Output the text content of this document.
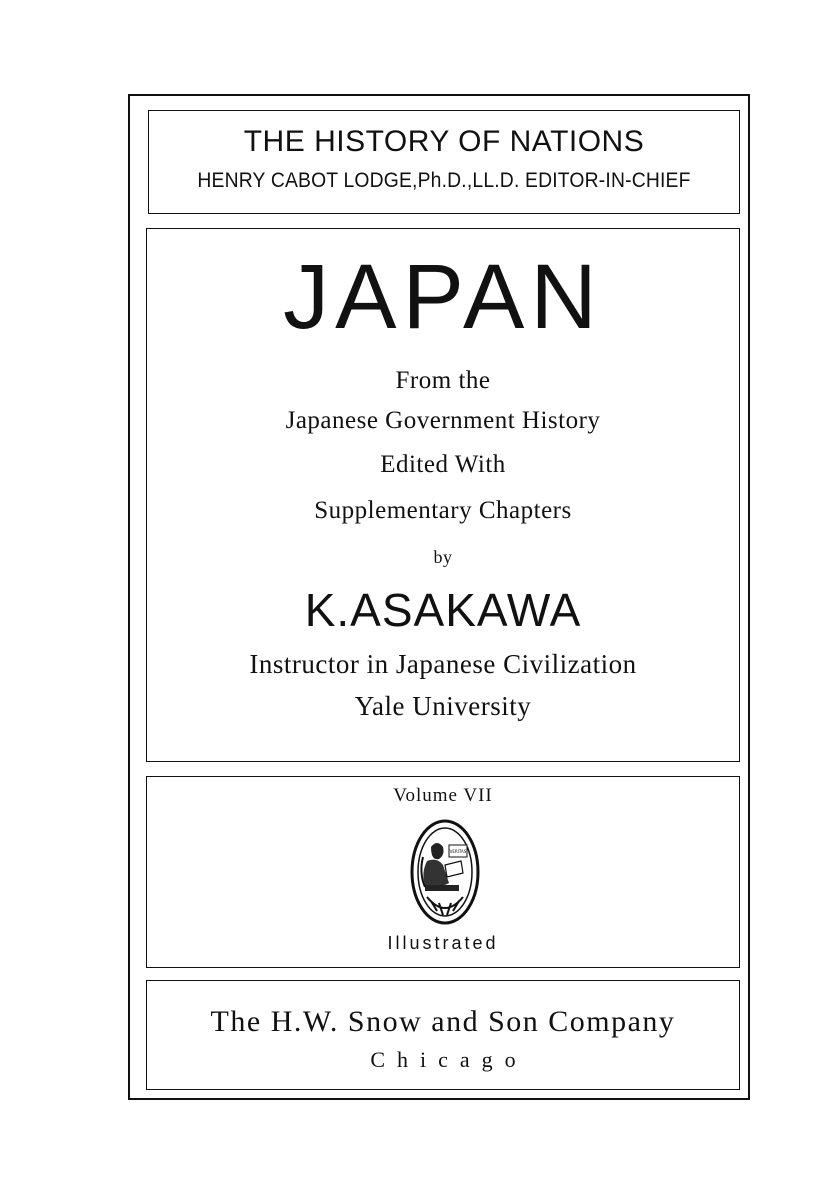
THE HISTORY OF NATIONS
HENRY CABOT LODGE,Ph.D.,LL.D. EDITOR-IN-CHIEF
JAPAN
From the
Japanese Government History
Edited With
Supplementary Chapters
by
K.ASAKAWA
Instructor in Japanese Civilization
Yale University
Volume VII
VERITAS
Illustrated
The H.W. Snow and Son Company
Chicago
